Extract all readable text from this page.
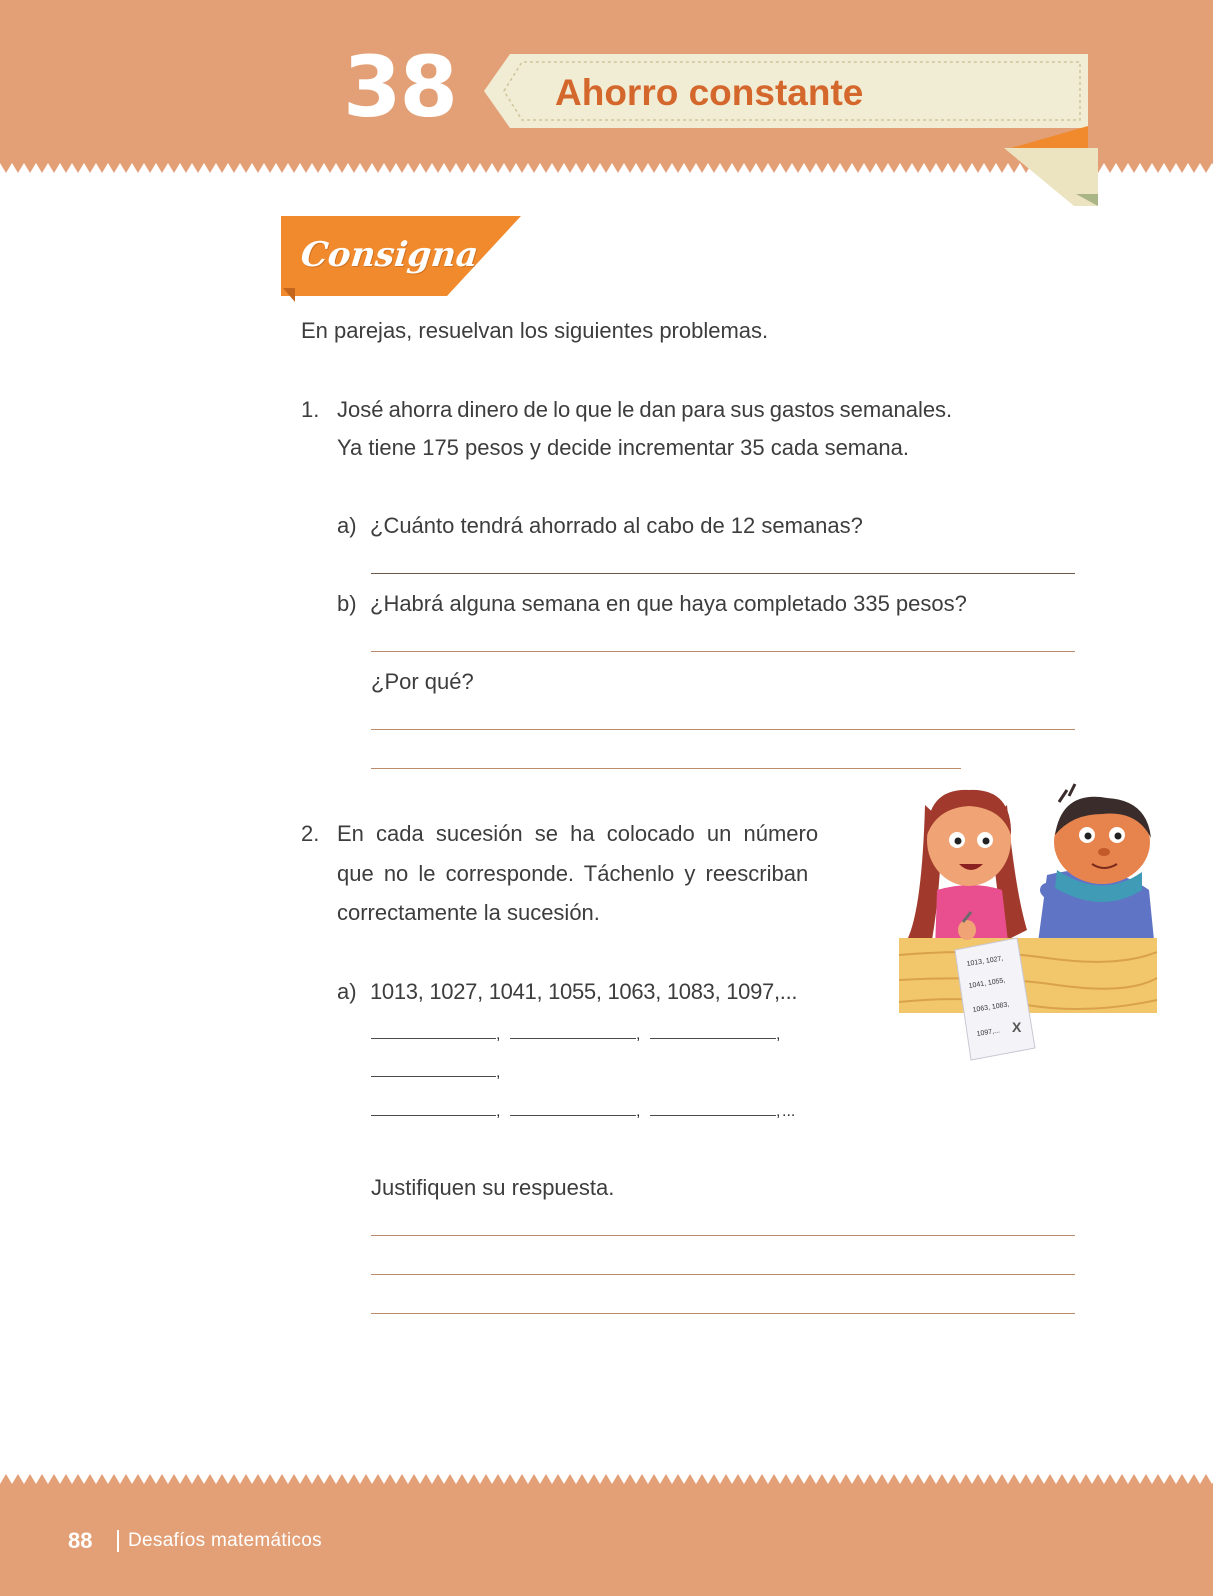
38	Ahorro constante
Consigna
En parejas, resuelvan los siguientes problemas.
1. José ahorra dinero de lo que le dan para sus gastos semanales.
Ya tiene 175 pesos y decide incrementar 35 cada semana.
a) ¿Cuánto tendrá ahorrado al cabo de 12 semanas?
b) ¿Habrá alguna semana en que haya completado 335 pesos?
¿Por qué?
2. En cada sucesión se ha colocado un número
que no le corresponde. Táchenlo y reescriban
correctamente la sucesión.
a) 1013, 1027, 1041, 1055, 1063, 1083, 1097,...
,	,	,
,
,	,	, ...
Justifiquen su respuesta.
1013, 1027,
1041, 1055,
1063, 1083,
1097,... X
88 Desafíos matemáticos
